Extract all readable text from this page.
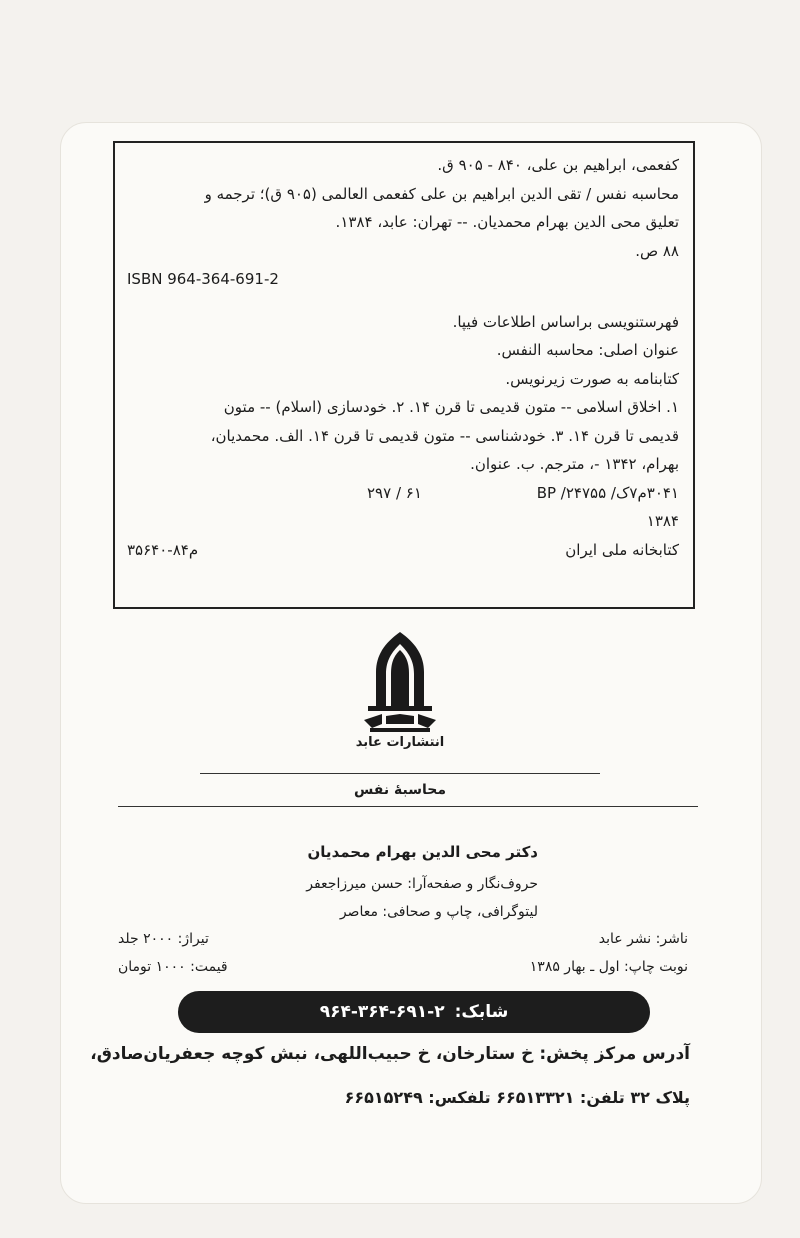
کفعمی، ابراهیم بن علی، ۸۴۰ - ۹۰۵ ق.
محاسبه نفس / تقی الدین ابراهیم بن علی کفعمی العالمی (۹۰۵ ق)؛ ترجمه و
تعلیق محی الدین بهرام محمدیان. -- تهران: عابد، ۱۳۸۴.
۸۸ ص.
ISBN 964-364-691-2
فهرستنویسی براساس اطلاعات فیپا.
عنوان اصلی: محاسبه النفس.
کتابنامه به صورت زیرنویس.
۱. اخلاق اسلامی -- متون قدیمی تا قرن ۱۴. ۲. خودسازی (اسلام) -- متون
قدیمی تا قرن ۱۴. ۳. خودشناسی -- متون قدیمی تا قرن ۱۴. الف. محمدیان،
بهرام، ۱۳۴۲ -، مترجم. ب. عنوان.
۳۰۴۱م۷ک/ BP /۲۴۷۵۵
۶۱ / ۲۹۷
۱۳۸۴
کتابخانه ملی ایران
م۸۴-۳۵۶۴۰
انتشارات عابد
محاسبهٔ نفس
دکتر محی الدین بهرام محمدیان
حروف‌نگار و صفحه‌آرا: حسن میرزاجعفر
لیتوگرافی، چاپ و صحافی: معاصر
ناشر: نشر عابد
تیراژ: ۲۰۰۰ جلد
نوبت چاپ: اول ـ بهار ۱۳۸۵
قیمت: ۱۰۰۰ تومان
شابک:
۹۶۴-۳۶۴-۶۹۱-۲
آدرس مرکز پخش: خ ستارخان، خ حبیب‌اللهی، نبش کوچه جعفریان‌صادق،
پلاک ۳۲ تلفن: ۶۶۵۱۳۳۲۱ تلفکس: ۶۶۵۱۵۲۴۹
